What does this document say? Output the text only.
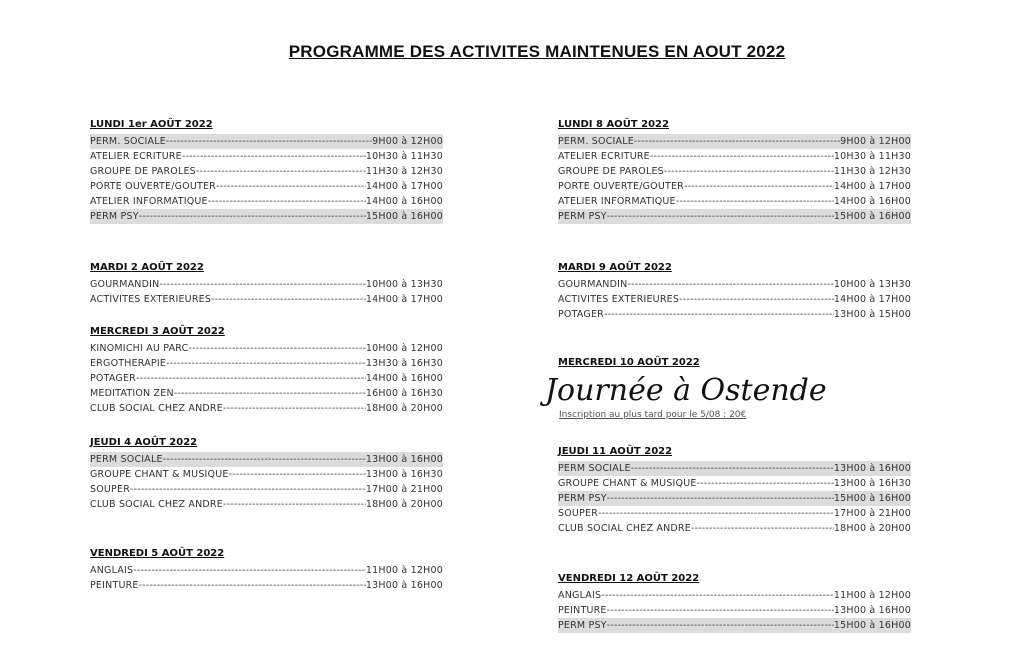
PROGRAMME DES ACTIVITES MAINTENUES EN AOUT 2022
LUNDI 1er AOÛT 2022
PERM. SOCIALE -----	9H00 à 12H00
ATELIER ECRITURE -----	10H30 à 11H30
GROUPE DE PAROLES -----	11H30 à 12H30
PORTE OUVERTE/GOUTER -----	14H00 à 17H00
ATELIER INFORMATIQUE -----	14H00 à 16H00
PERM PSY -----	15H00 à 16H00
MARDI 2 AOÛT 2022
GOURMANDIN -----	10H00 à 13H30
ACTIVITES EXTERIEURES -----	14H00 à 17H00
MERCREDI 3 AOÛT 2022
KINOMICHI AU PARC -----	10H00 à 12H00
ERGOTHERAPIE -----	13H30 à 16H30
POTAGER -----	14H00 à 16H00
MEDITATION ZEN -----	16H00 à 16H30
CLUB SOCIAL CHEZ ANDRE -----	18H00 à 20H00
JEUDI 4 AOÛT 2022
PERM SOCIALE -----	13H00 à 16H00
GROUPE CHANT & MUSIQUE -----	13H00 à 16H30
SOUPER -----	17H00 à 21H00
CLUB SOCIAL CHEZ ANDRE -----	18H00 à 20H00
VENDREDI 5 AOÛT 2022
ANGLAIS -----	11H00 à 12H00
PEINTURE -----	13H00 à 16H00
LUNDI 8 AOÛT 2022
PERM. SOCIALE -----	9H00 à 12H00
ATELIER ECRITURE -----	10H30 à 11H30
GROUPE DE PAROLES -----	11H30 à 12H30
PORTE OUVERTE/GOUTER -----	14H00 à 17H00
ATELIER INFORMATIQUE -----	14H00 à 16H00
PERM PSY -----	15H00 à 16H00
MARDI 9 AOÛT 2022
GOURMANDIN -----	10H00 à 13H30
ACTIVITES EXTERIEURES -----	14H00 à 17H00
POTAGER -----	13H00 à 15H00
MERCREDI 10 AOÛT 2022
Journée à Ostende
Inscription au plus tard pour le 5/08 : 20€
JEUDI 11 AOÛT 2022
PERM SOCIALE -----	13H00 à 16H00
GROUPE CHANT & MUSIQUE -----	13H00 à 16H30
PERM PSY -----	15H00 à 16H00
SOUPER -----	17H00 à 21H00
CLUB SOCIAL CHEZ ANDRE -----	18H00 à 20H00
VENDREDI 12 AOÛT 2022
ANGLAIS -----	11H00 à 12H00
PEINTURE -----	13H00 à 16H00
PERM PSY -----	15H00 à 16H00
